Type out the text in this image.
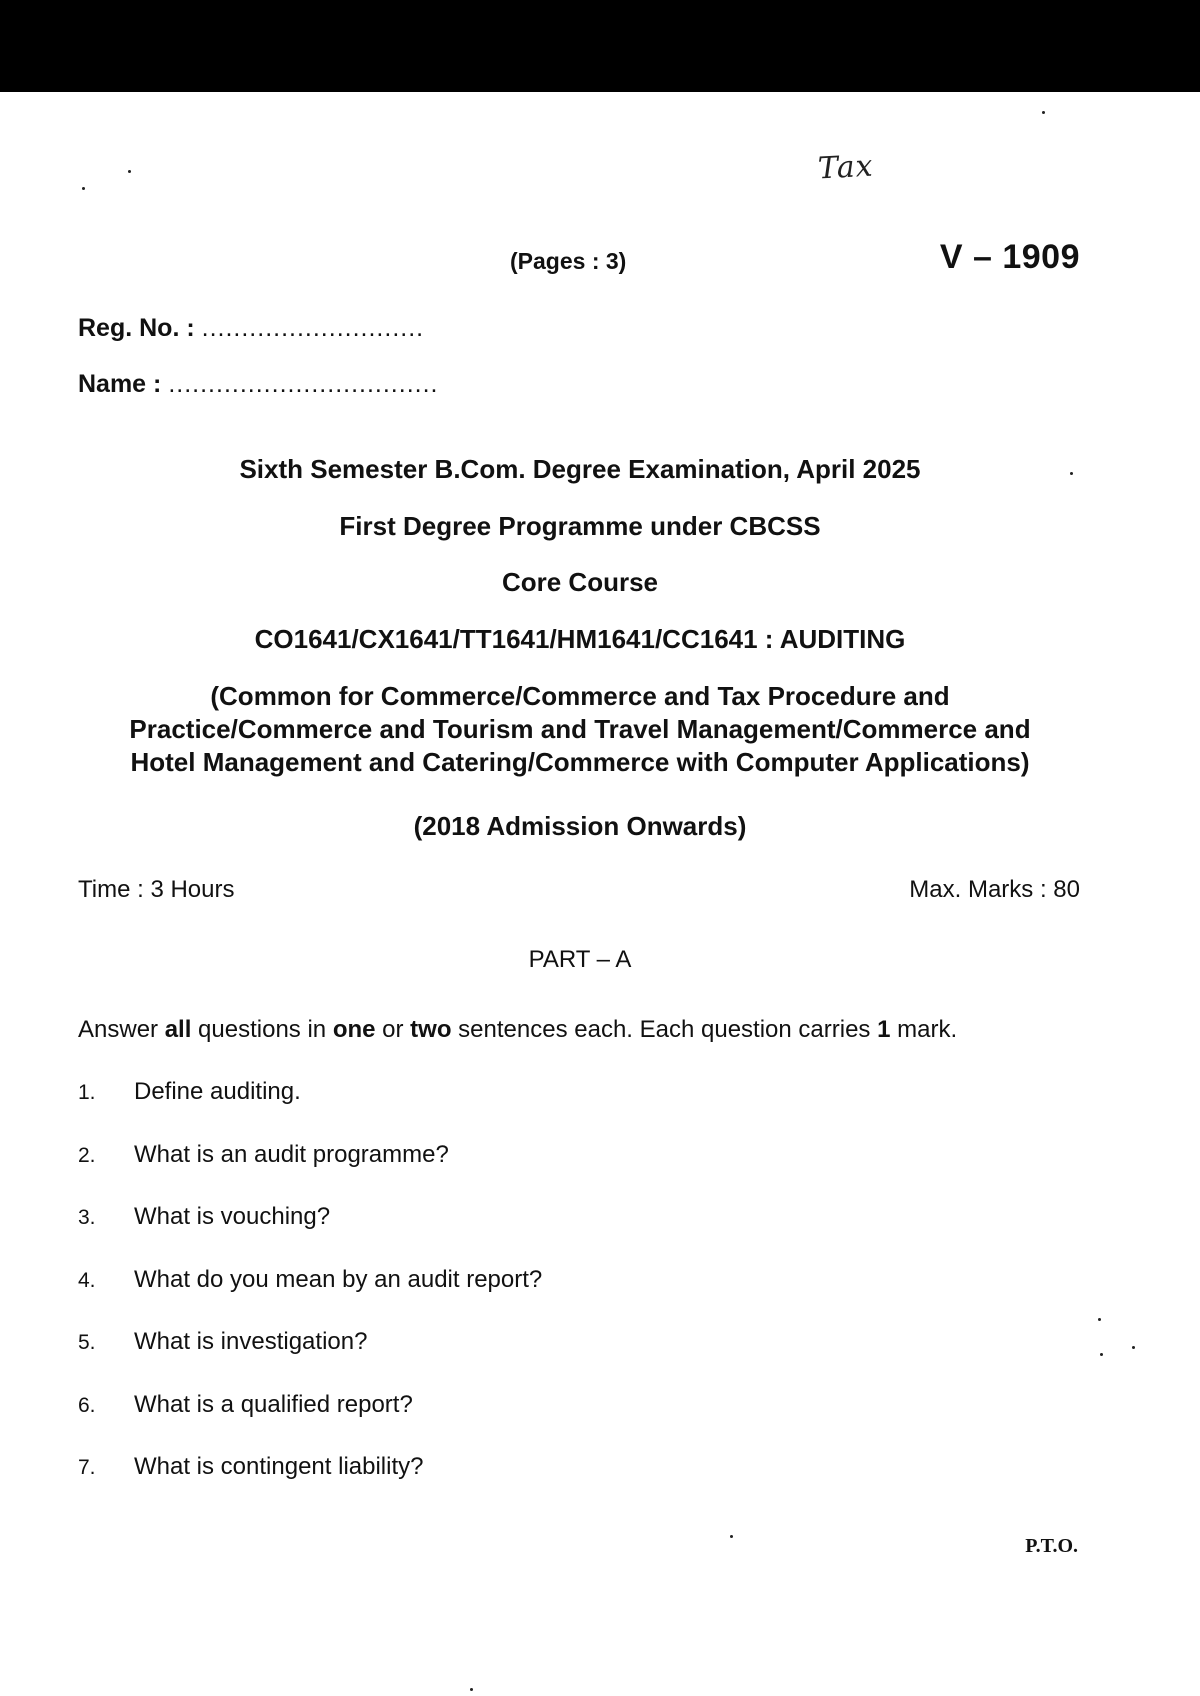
Tax
(Pages : 3)	V – 1909
Reg. No. : ............................
Name : ..................................
Sixth Semester B.Com. Degree Examination, April 2025
First Degree Programme under CBCSS
Core Course
CO1641/CX1641/TT1641/HM1641/CC1641 : AUDITING
(Common for Commerce/Commerce and Tax Procedure and
Practice/Commerce and Tourism and Travel Management/Commerce and
Hotel Management and Catering/Commerce with Computer Applications)
(2018 Admission Onwards)
Time : 3 Hours	Max. Marks : 80
PART – A
Answer all questions in one or two sentences each. Each question carries 1 mark.
1. Define auditing.
2. What is an audit programme?
3. What is vouching?
4. What do you mean by an audit report?
5. What is investigation?
6. What is a qualified report?
7. What is contingent liability?
P.T.O.
